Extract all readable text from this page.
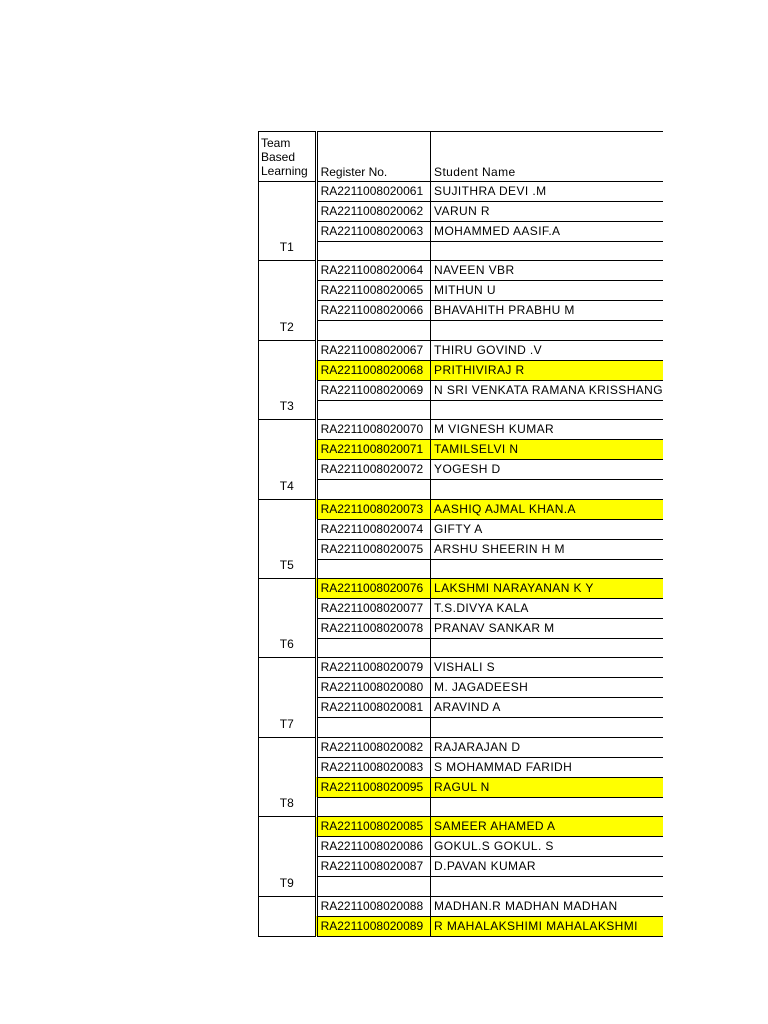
Team
Based
Learning	Register No.	Student Name
T1	RA2211008020061	SUJITHRA DEVI .M
	RA2211008020062	VARUN R
	RA2211008020063	MOHAMMED AASIF.A

T2	RA2211008020064	NAVEEN VBR
	RA2211008020065	MITHUN U
	RA2211008020066	BHAVAHITH PRABHU M

T3	RA2211008020067	THIRU GOVIND .V
	RA2211008020068	PRITHIVIRAJ R
	RA2211008020069	N SRI VENKATA RAMANA KRISSHANG

T4	RA2211008020070	M VIGNESH KUMAR
	RA2211008020071	TAMILSELVI N
	RA2211008020072	YOGESH D

T5	RA2211008020073	AASHIQ AJMAL KHAN.A
	RA2211008020074	GIFTY A
	RA2211008020075	ARSHU SHEERIN H M

T6	RA2211008020076	LAKSHMI NARAYANAN K Y
	RA2211008020077	T.S.DIVYA KALA
	RA2211008020078	PRANAV SANKAR M

T7	RA2211008020079	VISHALI S
	RA2211008020080	M. JAGADEESH
	RA2211008020081	ARAVIND A

T8	RA2211008020082	RAJARAJAN D
	RA2211008020083	S MOHAMMAD FARIDH
	RA2211008020095	RAGUL N

T9	RA2211008020085	SAMEER AHAMED A
	RA2211008020086	GOKUL.S GOKUL. S
	RA2211008020087	D.PAVAN KUMAR

	RA2211008020088	MADHAN.R MADHAN MADHAN
	RA2211008020089	R MAHALAKSHIMI MAHALAKSHMI
